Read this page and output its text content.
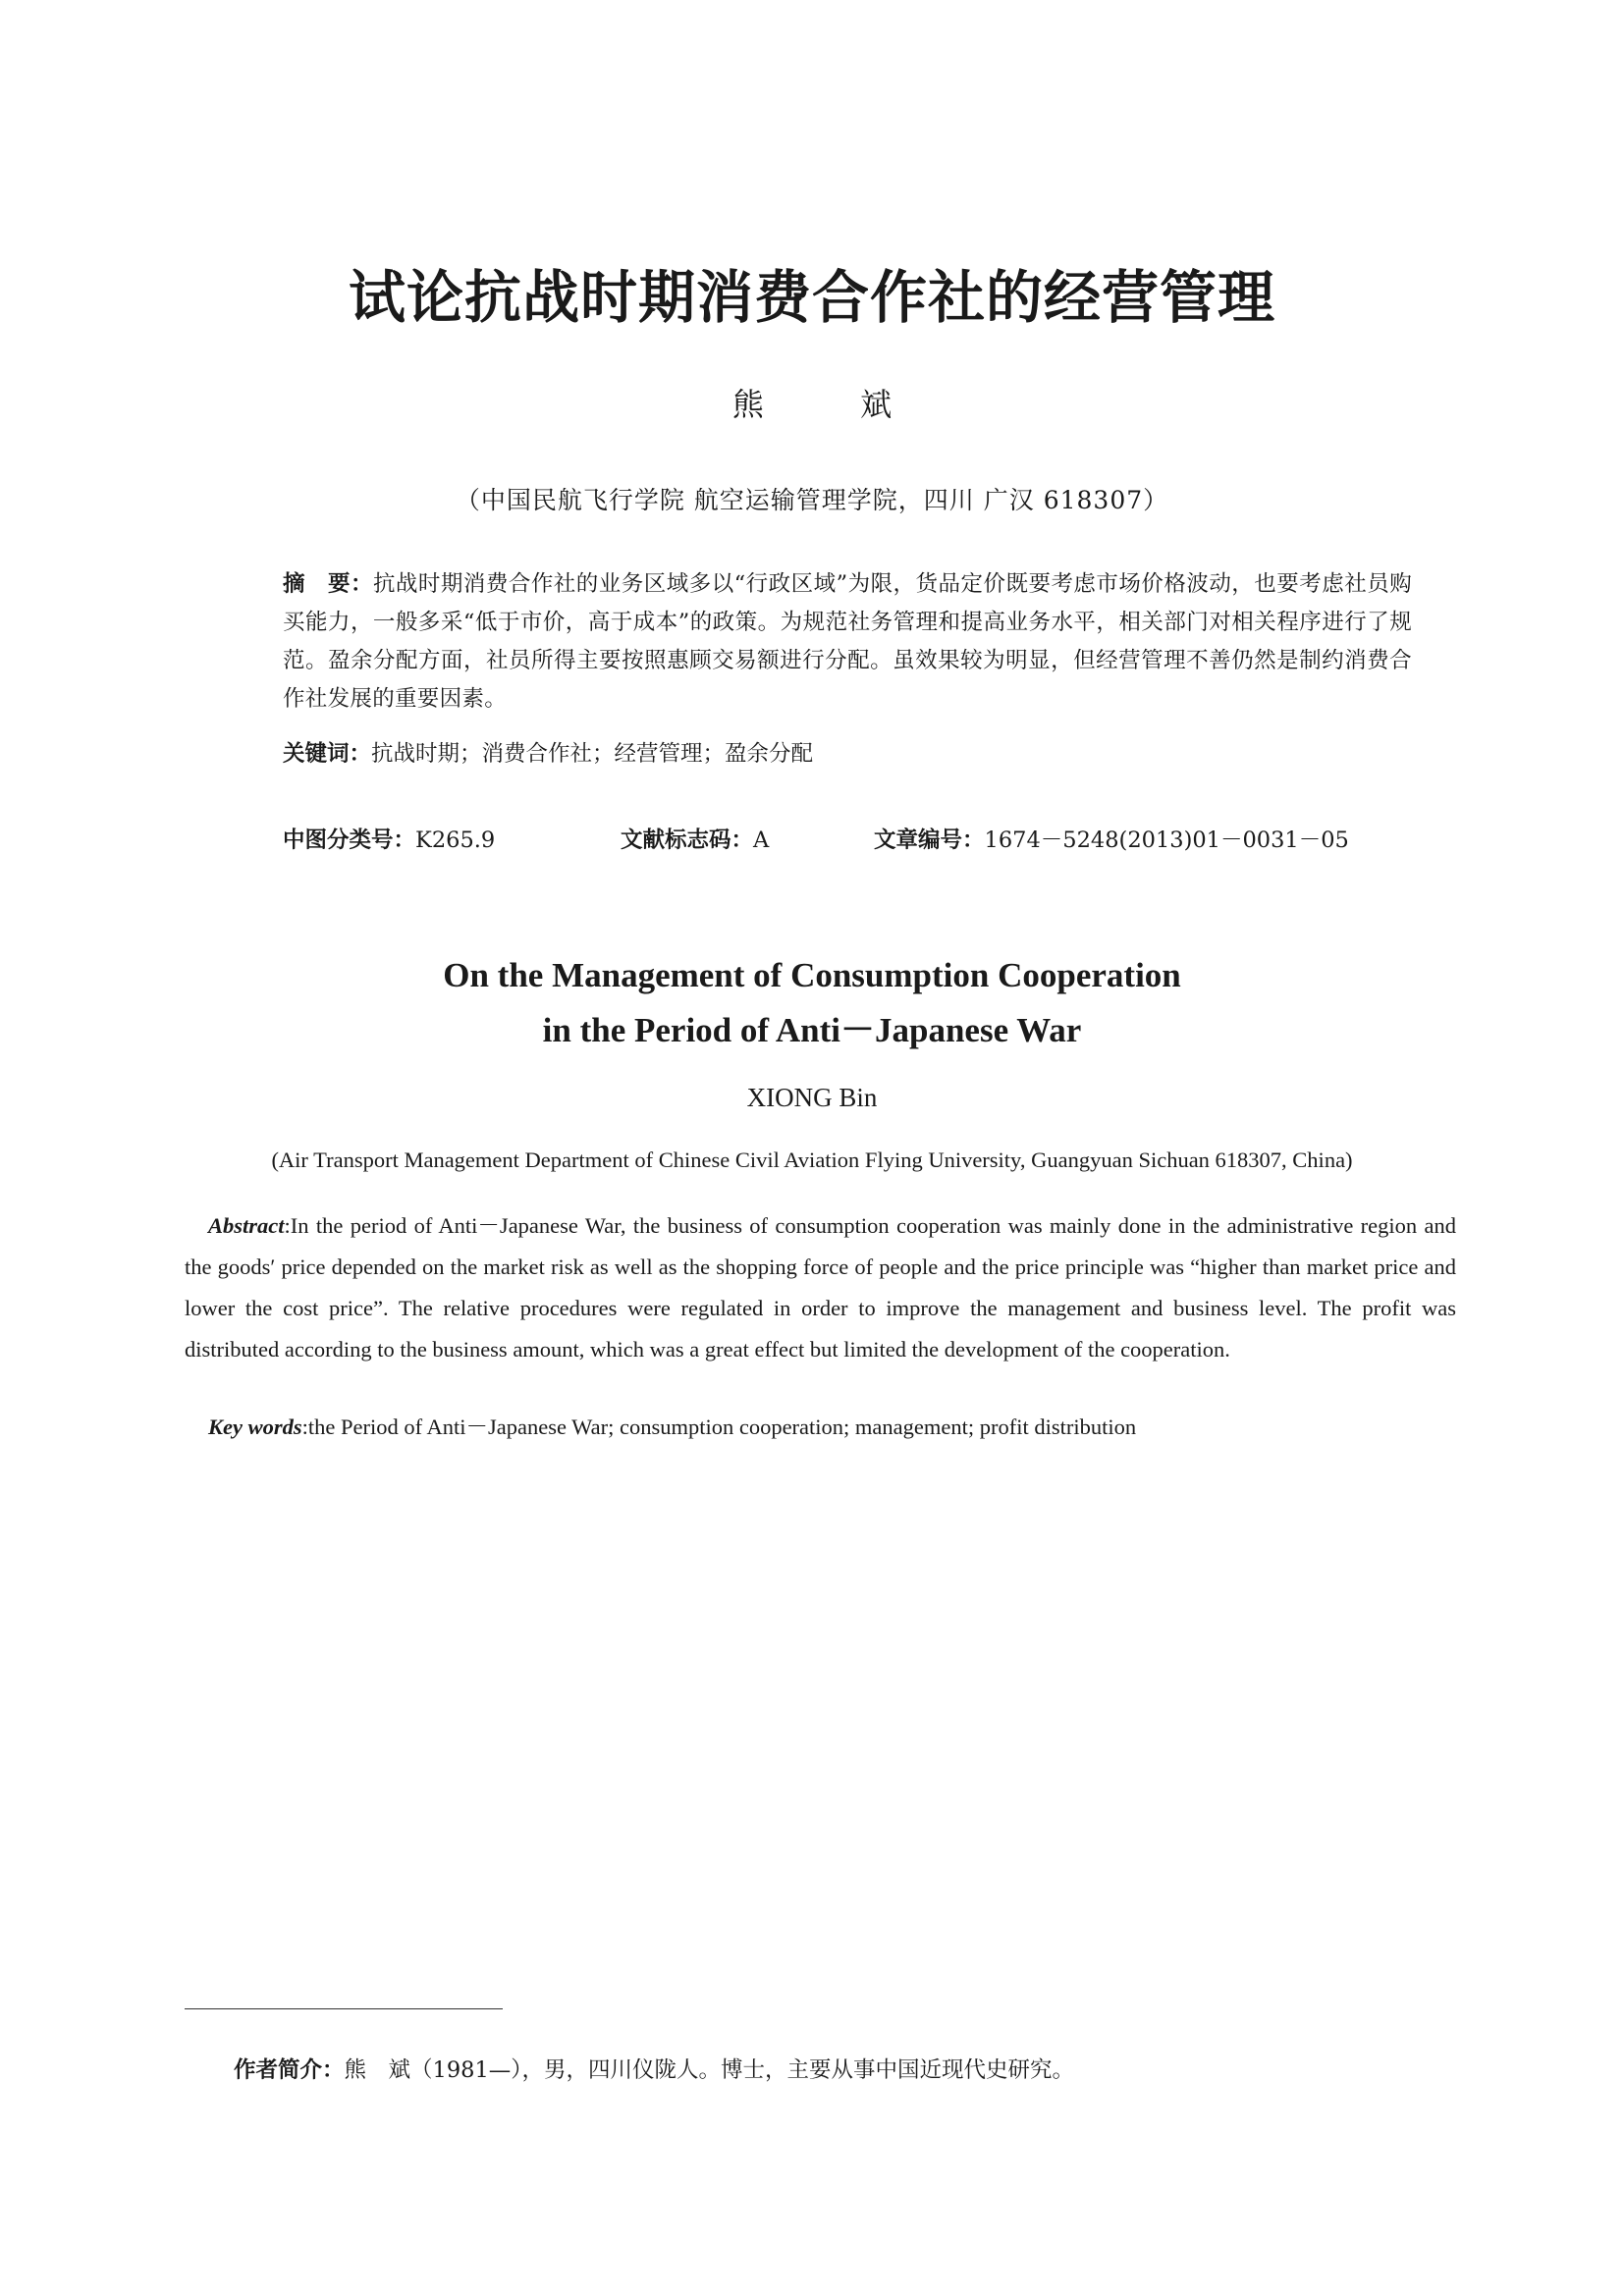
试论抗战时期消费合作社的经营管理
熊 斌
（中国民航飞行学院 航空运输管理学院，四川 广汉 618307）
摘　要：抗战时期消费合作社的业务区域多以“行政区域”为限，货品定价既要考虑市场价格波动，也要考虑社员购买能力，一般多采“低于市价，高于成本”的政策。为规范社务管理和提高业务水平，相关部门对相关程序进行了规范。盈余分配方面，社员所得主要按照惠顾交易额进行分配。虽效果较为明显，但经营管理不善仍然是制约消费合作社发展的重要因素。
关键词：抗战时期；消费合作社；经营管理；盈余分配
中图分类号：K265.9	文献标志码：A	文章编号：1674－5248(2013)01－0031－05
On the Management of Consumption Cooperation
in the Period of Anti－Japanese War
XIONG Bin
(Air Transport Management Department of Chinese Civil Aviation Flying University, Guangyuan Sichuan 618307, China)
Abstract:In the period of Anti－Japanese War, the business of consumption cooperation was mainly done in the administrative region and the goods′ price depended on the market risk as well as the shopping force of people and the price principle was “higher than market price and lower the cost price”. The relative procedures were regulated in order to improve the management and business level. The profit was distributed according to the business amount, which was a great effect but limited the development of the cooperation.
Key words:the Period of Anti－Japanese War; consumption cooperation; management; profit distribution
作者简介：熊　斌（1981—），男，四川仪陇人。博士，主要从事中国近现代史研究。
